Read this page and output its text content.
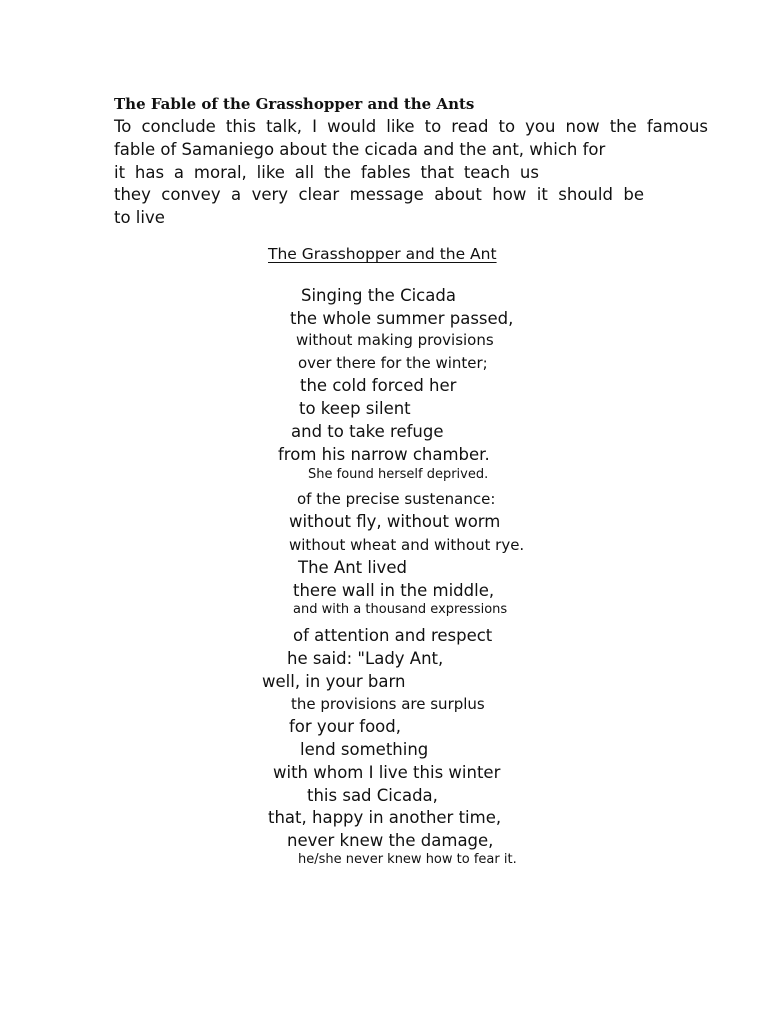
The Fable of the Grasshopper and the Ants
To conclude this talk, I would like to read to you now the famous
fable of Samaniego about the cicada and the ant, which for
it has a moral, like all the fables that teach us
they convey a very clear message about how it should be
to live
The Grasshopper and the Ant
Singing the Cicada
the whole summer passed,
without making provisions
over there for the winter;
the cold forced her
to keep silent
and to take refuge
from his narrow chamber.
She found herself deprived.
of the precise sustenance:
without fly, without worm
without wheat and without rye.
The Ant lived
there wall in the middle,
and with a thousand expressions
of attention and respect
he said: "Lady Ant,
well, in your barn
the provisions are surplus
for your food,
lend something
with whom I live this winter
this sad Cicada,
that, happy in another time,
never knew the damage,
he/she never knew how to fear it.
